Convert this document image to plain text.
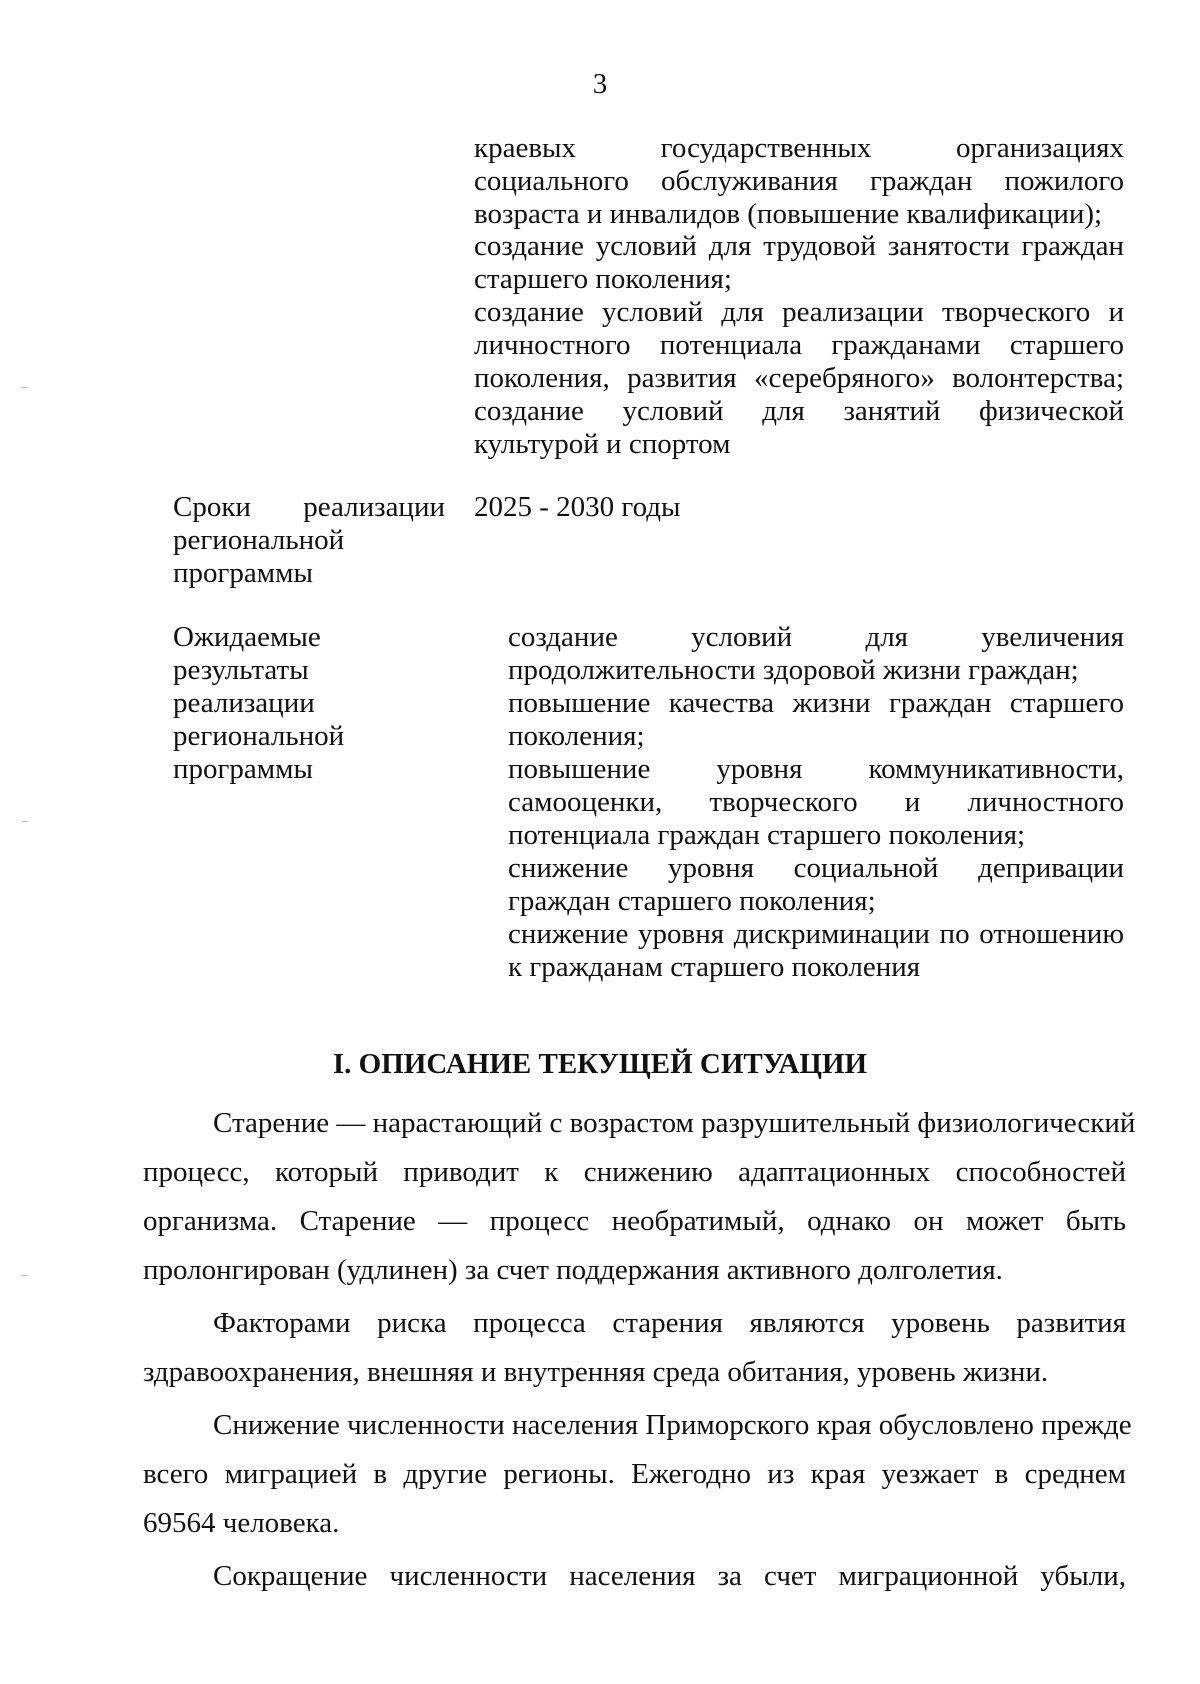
3
краевых государственных организациях
социального обслуживания граждан пожилого
возраста и инвалидов (повышение квалификации);
создание условий для трудовой занятости граждан
старшего поколения;
создание условий для реализации творческого и
личностного потенциала гражданами старшего
поколения, развития «серебряного» волонтерства;
создание условий для занятий физической
культурой и спортом
Сроки реализации
региональной
программы
2025 - 2030 годы
Ожидаемые
результаты
реализации
региональной
программы
создание условий для увеличения
продолжительности здоровой жизни граждан;
повышение качества жизни граждан старшего
поколения;
повышение уровня коммуникативности,
самооценки, творческого и личностного
потенциала граждан старшего поколения;
снижение уровня социальной депривации
граждан старшего поколения;
снижение уровня дискриминации по отношению
к гражданам старшего поколения
I. ОПИСАНИЕ ТЕКУЩЕЙ СИТУАЦИИ
Старение — нарастающий с возрастом разрушительный физиологический
процесс, который приводит к снижению адаптационных способностей
организма. Старение — процесс необратимый, однако он может быть
пролонгирован (удлинен) за счет поддержания активного долголетия.
Факторами риска процесса старения являются уровень развития
здравоохранения, внешняя и внутренняя среда обитания, уровень жизни.
Снижение численности населения Приморского края обусловлено прежде
всего миграцией в другие регионы. Ежегодно из края уезжает в среднем
69564 человека.
Сокращение численности населения за счет миграционной убыли,
